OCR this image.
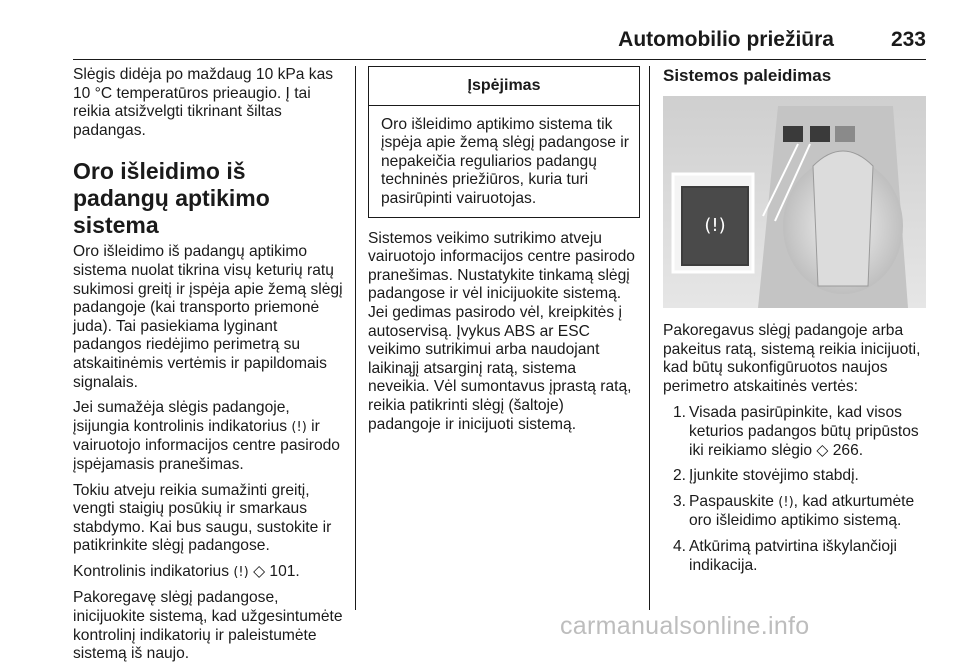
Automobilio priežiūra	233

Slėgis didėja po maždaug 10 kPa kas 10 °C temperatūros prieaugio. Į tai reikia atsižvelgti tikrinant šiltas padangas.

Oro išleidimo iš padangų aptikimo sistema

Oro išleidimo iš padangų aptikimo sistema nuolat tikrina visų keturių ratų sukimosi greitį ir įspėja apie žemą slėgį padangoje (kai transporto priemonė juda). Tai pasiekiama lyginant padangos riedėjimo perimetrą su atskaitinėmis vertėmis ir papildomais signalais.

Jei sumažėja slėgis padangoje, įsijungia kontrolinis indikatorius (!) ir vairuotojo informacijos centre pasirodo įspėjamasis pranešimas.

Tokiu atveju reikia sumažinti greitį, vengti staigių posūkių ir smarkaus stabdymo. Kai bus saugu, sustokite ir patikrinkite slėgį padangose.

Kontrolinis indikatorius (!) ◇ 101.

Pakoregavę slėgį padangose, inicijuokite sistemą, kad užgesintumėte kontrolinį indikatorių ir paleistumėte sistemą iš naujo.

Įspėjimas
Oro išleidimo aptikimo sistema tik įspėja apie žemą slėgį padangose ir nepakeičia reguliarios padangų techninės priežiūros, kuria turi pasirūpinti vairuotojas.

Sistemos veikimo sutrikimo atveju vairuotojo informacijos centre pasirodo pranešimas. Nustatykite tinkamą slėgį padangose ir vėl inicijuokite sistemą. Jei gedimas pasirodo vėl, kreipkitės į autoservisą. Įvykus ABS ar ESC veikimo sutrikimui arba naudojant laikinąjį atsarginį ratą, sistema neveikia. Vėl sumontavus įprastą ratą, reikia patikrinti slėgį (šaltoje) padangoje ir inicijuoti sistemą.

Sistemos paleidimas
(!)

Pakoregavus slėgį padangoje arba pakeitus ratą, sistemą reikia inicijuoti, kad būtų sukonfigūruotos naujos perimetro atskaitinės vertės:

1. Visada pasirūpinkite, kad visos keturios padangos būtų pripūstos iki reikiamo slėgio ◇ 266.
2. Įjunkite stovėjimo stabdį.
3. Paspauskite (!), kad atkurtumėte oro išleidimo aptikimo sistemą.
4. Atkūrimą patvirtina iškylančioji indikacija.
carmanualsonline.info
